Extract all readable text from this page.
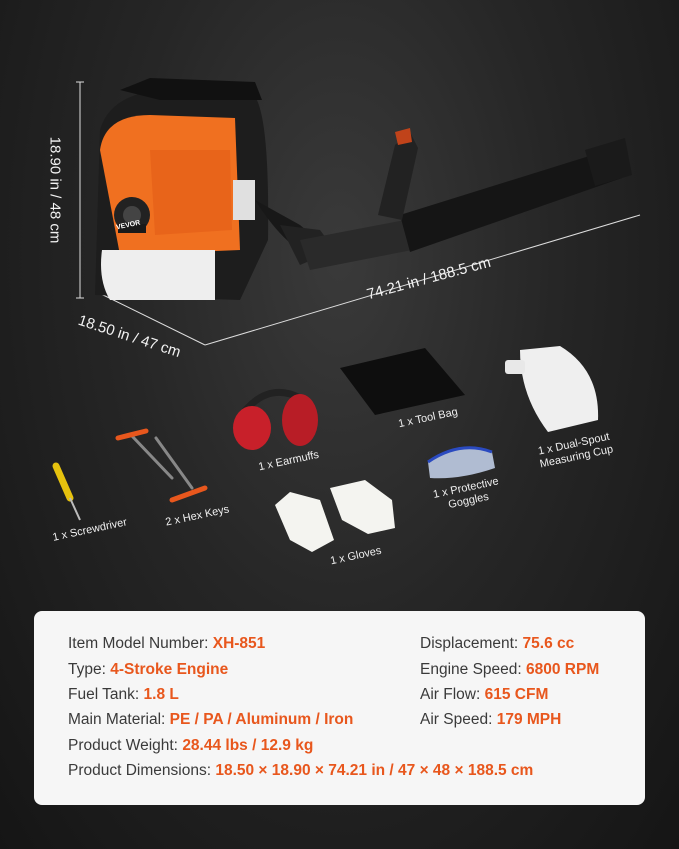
18.90 in / 48 cm
74.21 in / 188.5 cm
18.50 in / 47 cm
VEVOR
1 x Tool Bag
1 x Dual-Spout
Measuring Cup
1 x Earmuffs
2 x Hex Keys
1 x Screwdriver
1 x Protective
Goggles
1 x Gloves
Item Model Number: XH-851
Type: 4-Stroke Engine
Fuel Tank: 1.8 L
Main Material: PE / PA / Aluminum / Iron
Product Weight: 28.44 lbs / 12.9 kg
Product Dimensions: 18.50 × 18.90 × 74.21 in / 47 × 48 × 188.5 cm
Displacement: 75.6 cc
Engine Speed: 6800 RPM
Air Flow: 615 CFM
Air Speed: 179 MPH
